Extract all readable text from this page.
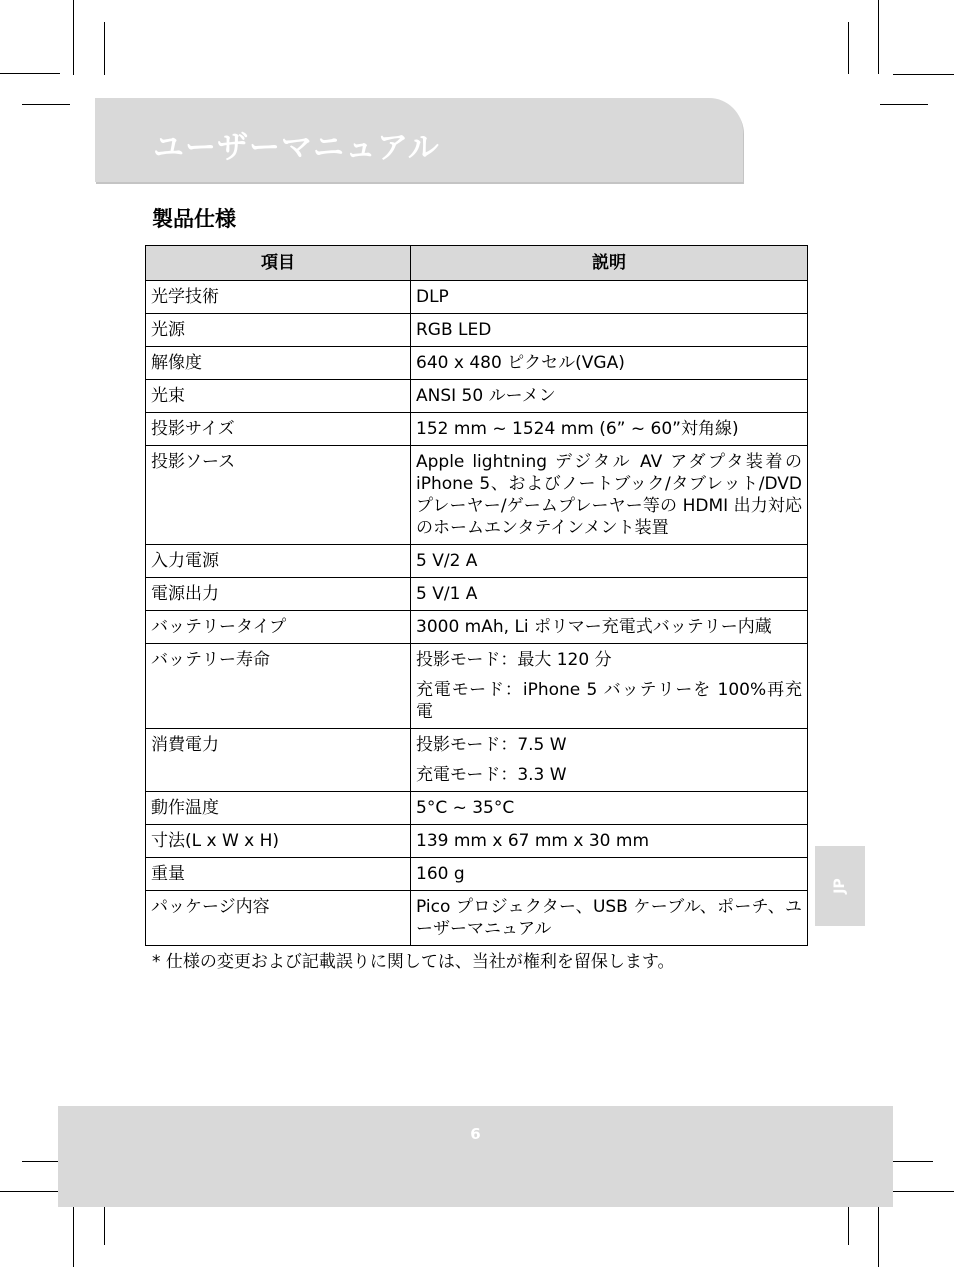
ユーザーマニュアル
製品仕様
項目	説明
光学技術	DLP

光源	RGB LED

解像度	640 x 480 ピクセル(VGA)

光束	ANSI 50 ルーメン

投影サイズ	152 mm ~ 1524 mm (6” ~ 60”対角線)

投影ソース	Apple lightning デジタル AV アダプタ装着の iPhone 5、およびノートブック/タブレット/DVD プレーヤー/ゲームプレーヤー等の HDMI 出力対応のホームエンタテインメント装置

入力電源	5 V/2 A

電源出力	5 V/1 A

バッテリータイプ	3000 mAh, Li ポリマー充電式バッテリー内蔵

バッテリー寿命	投影モード：最大 120 分
充電モード：iPhone 5 バッテリーを 100%再充電

消費電力	投影モード：7.5 W
充電モード：3.3 W

動作温度	5°C ~ 35°C

寸法(L x W x H)	139 mm x 67 mm x 30 mm

重量	160 g

パッケージ内容	Pico プロジェクター、USB ケーブル、ポーチ、ユーザーマニュアル
* 仕様の変更および記載誤りに関しては、当社が権利を留保します。
JP
6
